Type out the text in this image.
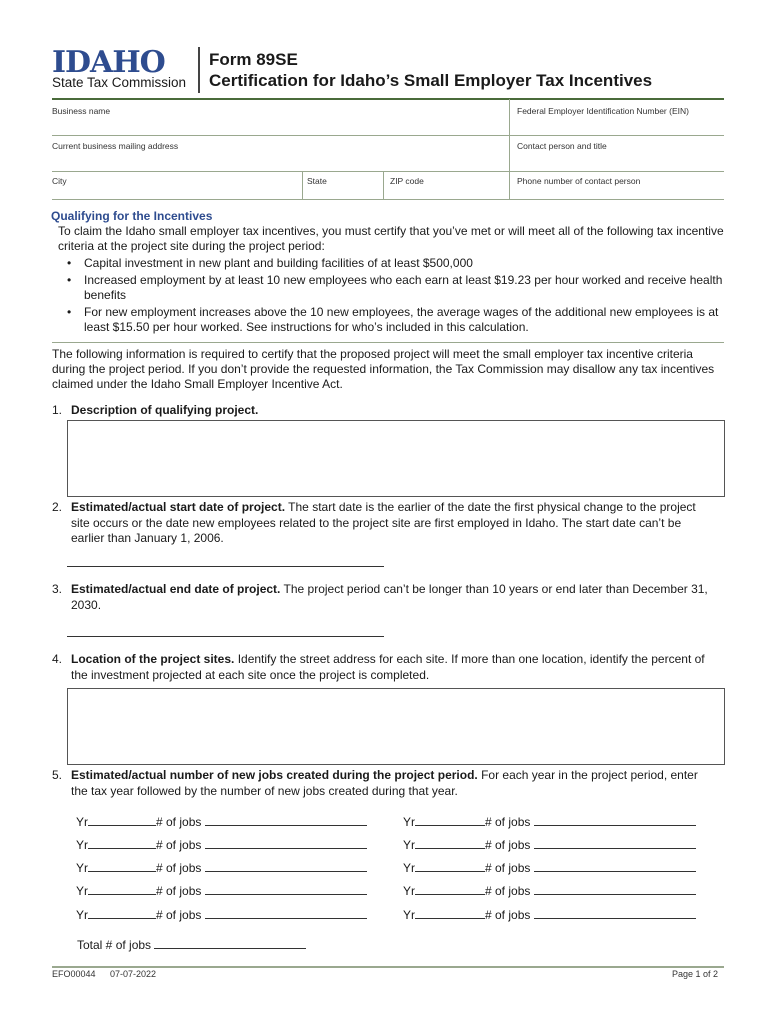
IDAHO
State Tax Commission
Form 89SE
Certification for Idaho’s Small Employer Tax Incentives
Business name	Federal Employer Identification Number (EIN)
Current business mailing address	Contact person and title
City	State	ZIP code	Phone number of contact person
Qualifying for the Incentives
To claim the Idaho small employer tax incentives, you must certify that you’ve met or will meet all of the following tax incentive criteria at the project site during the project period:
• Capital investment in new plant and building facilities of at least $500,000
• Increased employment by at least 10 new employees who each earn at least $19.23 per hour worked and receive health benefits
• For new employment increases above the 10 new employees, the average wages of the additional new employees is at least $15.50 per hour worked. See instructions for who’s included in this calculation.
The following information is required to certify that the proposed project will meet the small employer tax incentive criteria during the project period. If you don’t provide the requested information, the Tax Commission may disallow any tax incentives claimed under the Idaho Small Employer Incentive Act.
1. Description of qualifying project.
2. Estimated/actual start date of project. The start date is the earlier of the date the first physical change to the project site occurs or the date new employees related to the project site are first employed in Idaho. The start date can’t be earlier than January 1, 2006.
3. Estimated/actual end date of project. The project period can’t be longer than 10 years or end later than December 31, 2030.
4. Location of the project sites. Identify the street address for each site. If more than one location, identify the percent of the investment projected at each site once the project is completed.
5. Estimated/actual number of new jobs created during the project period. For each year in the project period, enter the tax year followed by the number of new jobs created during that year.
Yr	# of jobs
Yr	# of jobs
Yr	# of jobs
Yr	# of jobs
Yr	# of jobs
Yr	# of jobs
Yr	# of jobs
Yr	# of jobs
Yr	# of jobs
Yr	# of jobs
Total # of jobs
EFO00044 07-07-2022	Page 1 of 2
